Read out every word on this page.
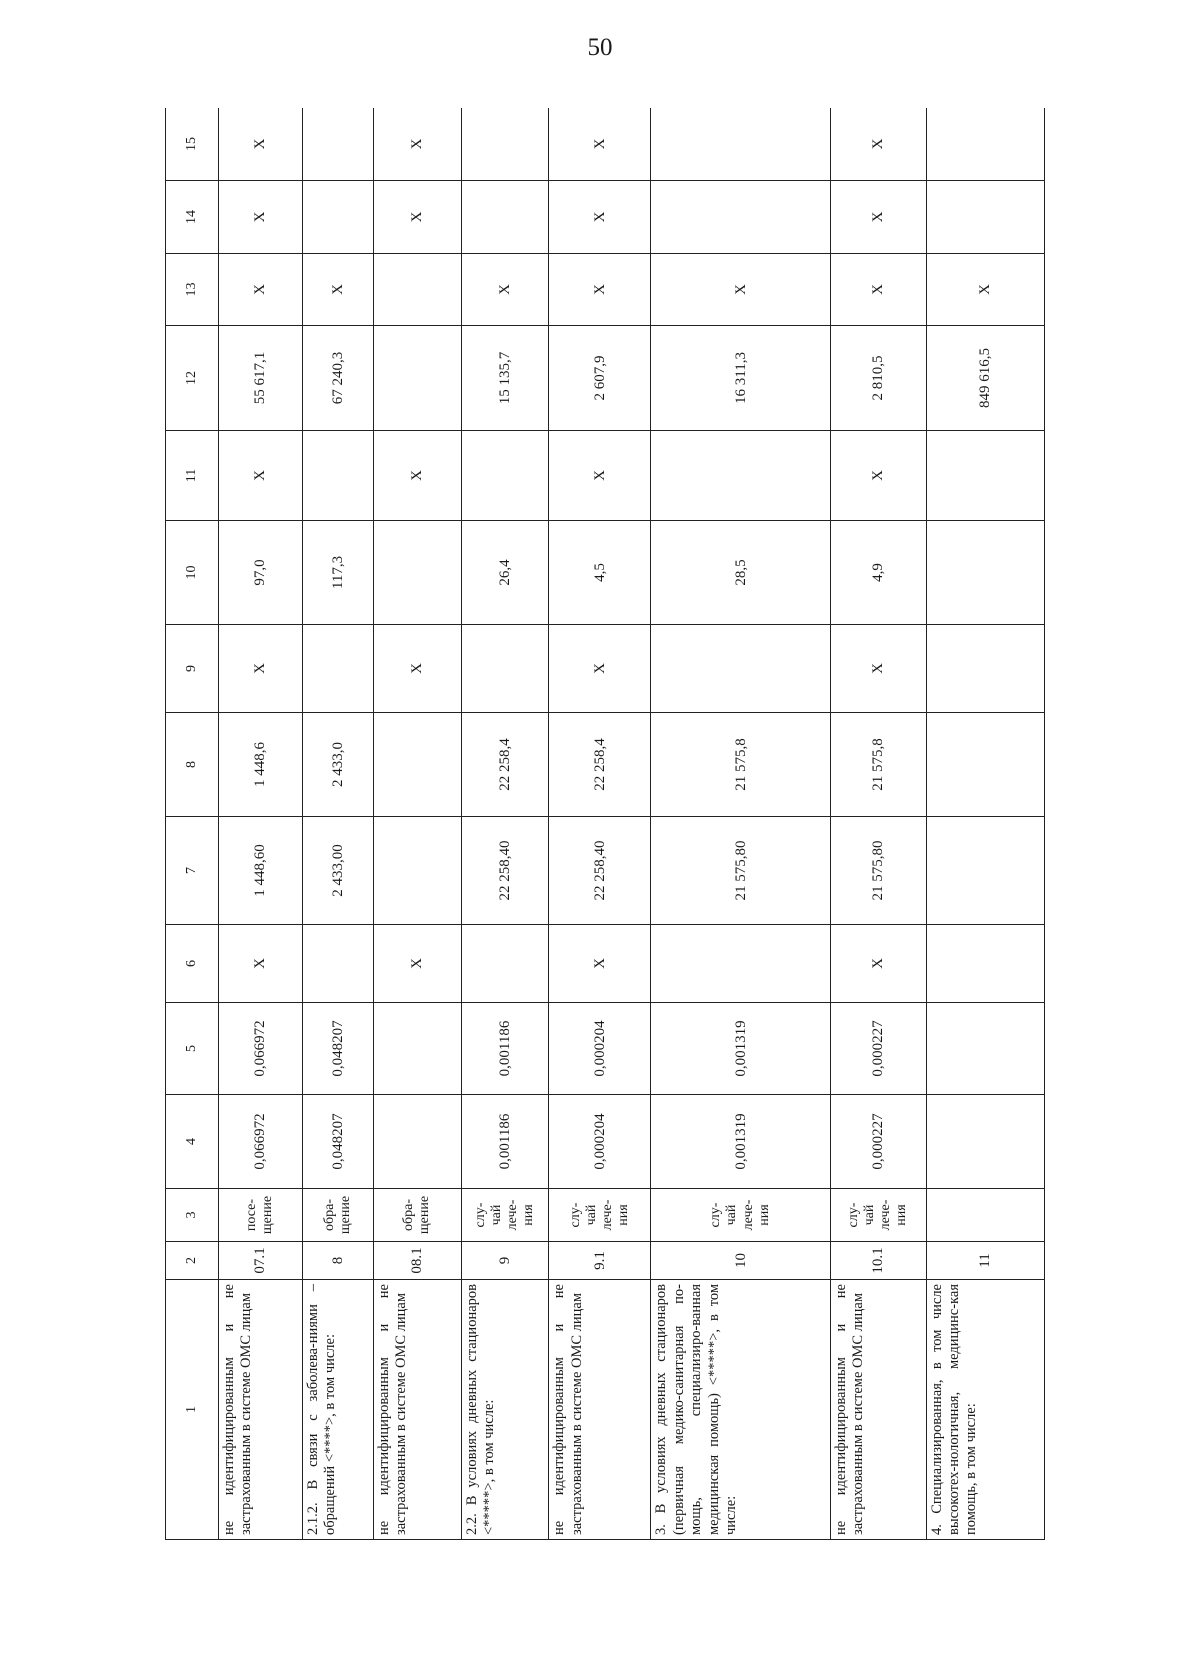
50
1	2	3	4	5	6	7	8	9	10	11	12	13	14	15

не идентифицированным и не застрахованным в системе ОМС лицам	07.1	посе-щение	0,066972	0,066972	X	1 448,60	1 448,6	X	97,0	X	55 617,1	X	X	X

2.1.2. В связи с заболева-ниями – обращений <****>, в том числе:	8	обра-щение	0,048207	0,048207		2 433,00	2 433,0		117,3		67 240,3	X		

не идентифицированным и не застрахованным в системе ОМС лицам	08.1	обра-щение			X			X		X			X	X

2.2. В условиях дневных стационаров <*****>, в том числе:	9	слу-чай лече-ния	0,001186	0,001186		22 258,40	22 258,4		26,4		15 135,7	X		

не идентифицированным и не застрахованным в системе ОМС лицам	9.1	слу-чай лече-ния	0,000204	0,000204	X	22 258,40	22 258,4	X	4,5	X	2 607,9	X	X	X

3. В условиях дневных стационаров (первичная медико-санитарная по-мощь, специализиро-ванная медицинская помощь) <*****>, в том числе:	10	слу-чай лече-ния	0,001319	0,001319		21 575,80	21 575,8		28,5		16 311,3	X		

не идентифицированным и не застрахованным в системе ОМС лицам	10.1	слу-чай лече-ния	0,000227	0,000227	X	21 575,80	21 575,8	X	4,9	X	2 810,5	X	X	X

4. Специализированная, в том числе высокотех-нологичная, медицинс-кая помощь, в том числе:	11										849 616,5	X		
